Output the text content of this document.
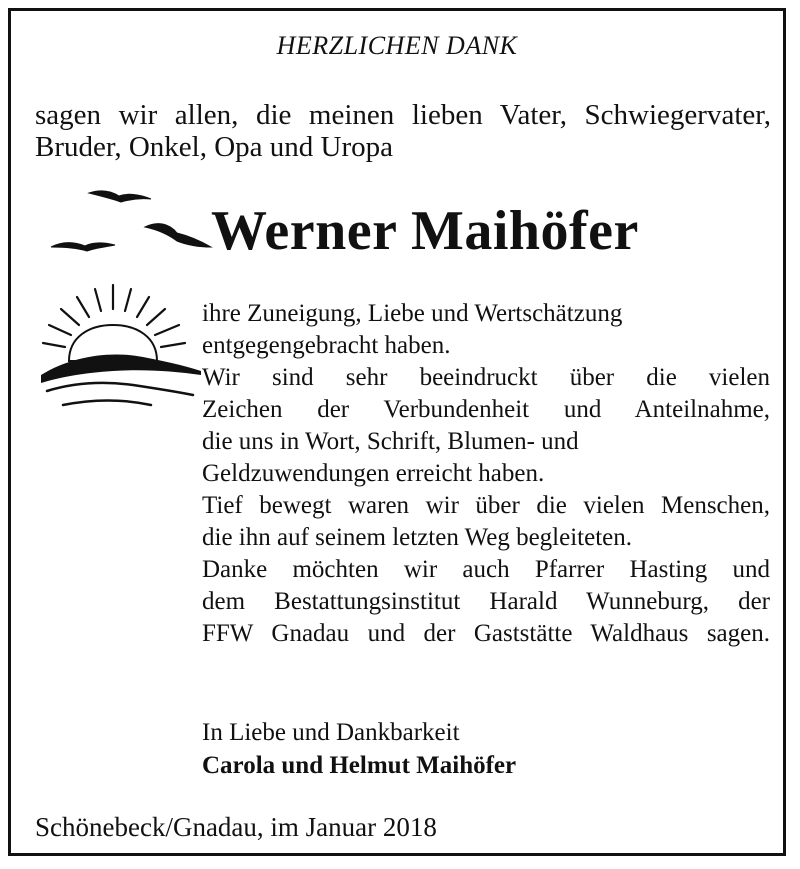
HERZLICHEN DANK
sagen wir allen, die meinen lieben Vater, Schwiegervater,
Bruder, Onkel, Opa und Uropa
Werner Maihöfer
ihre Zuneigung, Liebe und Wertschätzung
entgegengebracht haben.
Wir sind sehr beeindruckt über die vielen
Zeichen der Verbundenheit und Anteilnahme,
die uns in Wort, Schrift, Blumen- und
Geldzuwendungen erreicht haben.
Tief bewegt waren wir über die vielen Menschen,
die ihn auf seinem letzten Weg begleiteten.
Danke möchten wir auch Pfarrer Hasting und
dem Bestattungsinstitut Harald Wunneburg, der
FFW Gnadau und der Gaststätte Waldhaus sagen.
In Liebe und Dankbarkeit
Carola und Helmut Maihöfer
Schönebeck/Gnadau, im Januar 2018
